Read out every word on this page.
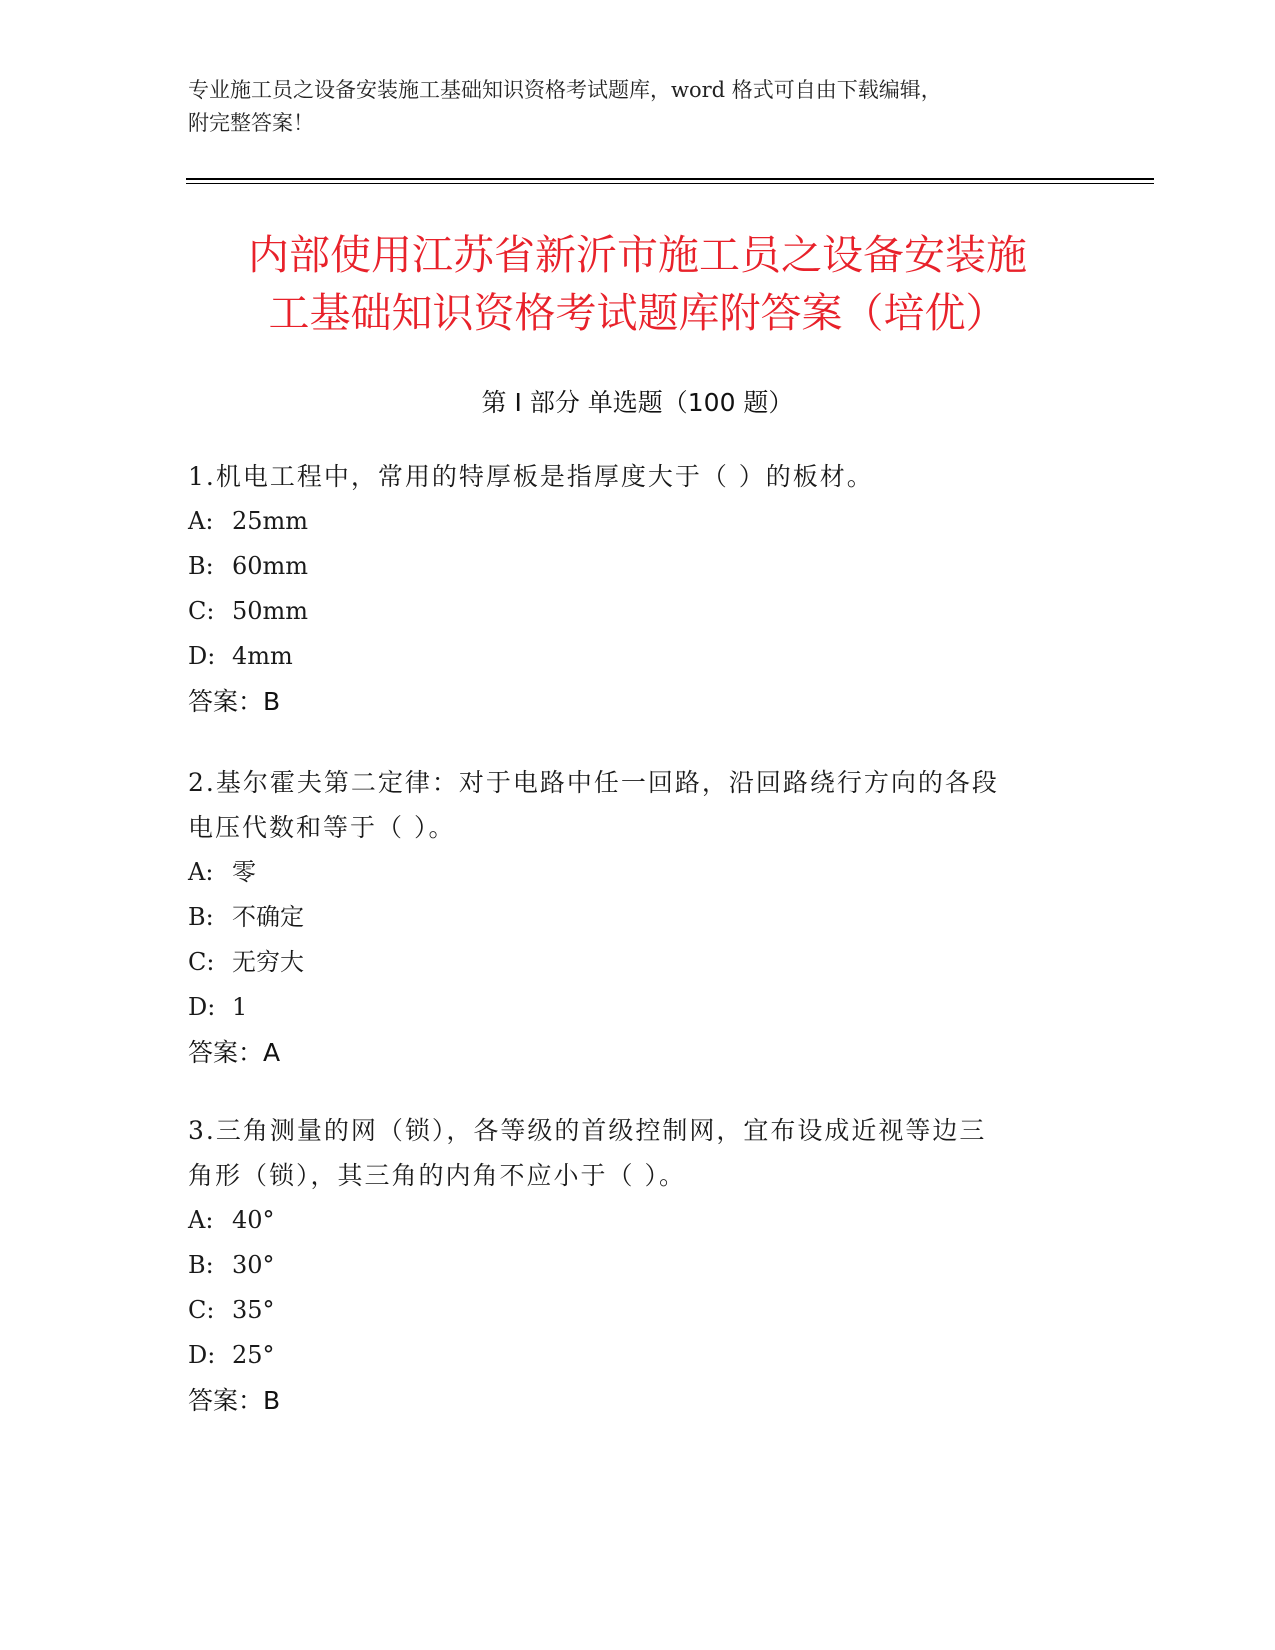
专业施工员之设备安装施工基础知识资格考试题库，word 格式可自由下载编辑，
附完整答案！
内部使用江苏省新沂市施工员之设备安装施
工基础知识资格考试题库附答案（培优）
第 I 部分 单选题（100 题）

1.机电工程中，常用的特厚板是指厚度大于（ ）的板材。

A: 25mm

B: 60mm

C: 50mm

D: 4mm

答案：B

2.基尔霍夫第二定律：对于电路中任一回路，沿回路绕行方向的各段

电压代数和等于（ ）。

A: 零

B: 不确定

C: 无穷大

D: 1

答案：A

3.三角测量的网（锁），各等级的首级控制网，宜布设成近视等边三

角形（锁），其三角的内角不应小于（ ）。

A: 40°

B: 30°

C: 35°

D: 25°

答案：B
